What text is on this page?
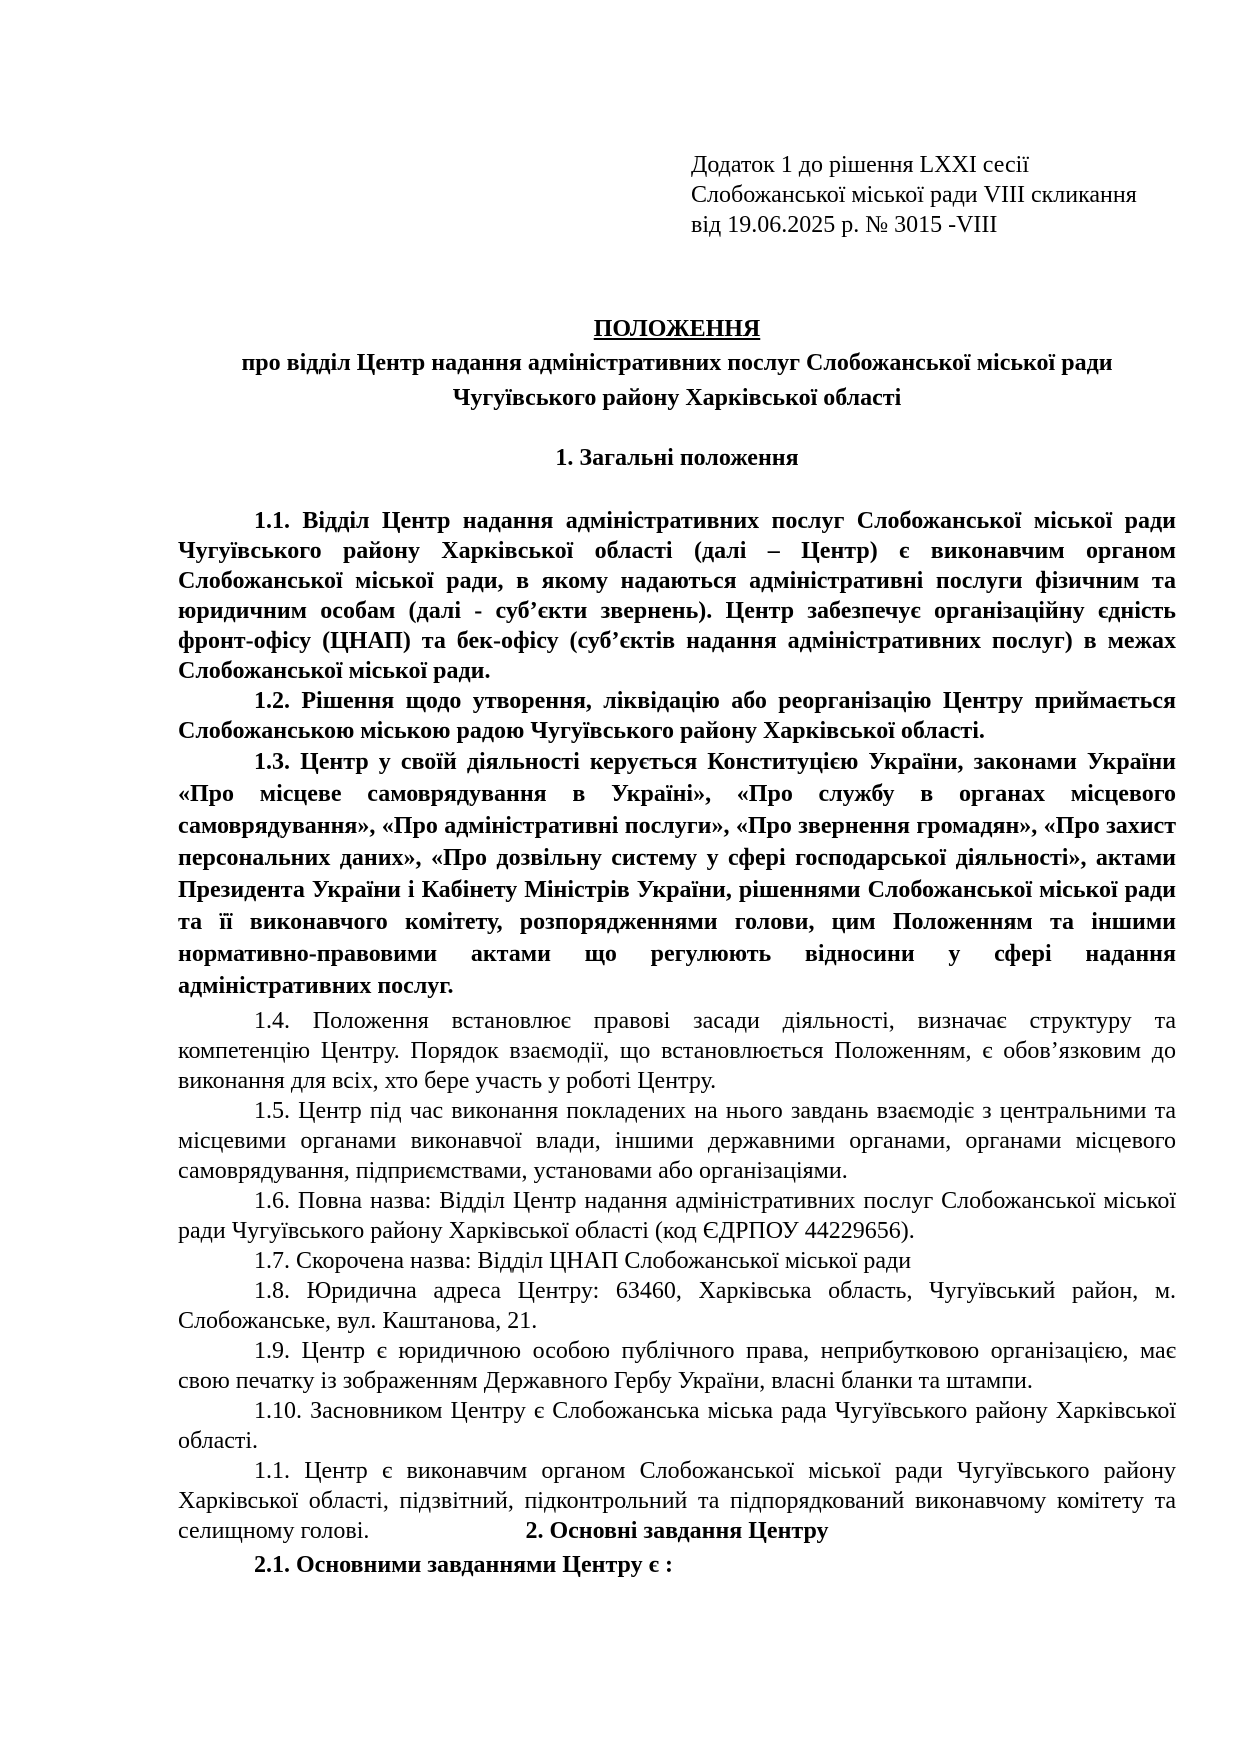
Додаток 1 до рішення LXXI сесії
Слобожанської міської ради VIII скликання
від 19.06.2025 р. № 3015 -VIII
ПОЛОЖЕННЯ
про відділ Центр надання адміністративних послуг Слобожанської міської ради
Чугуївського району Харківської області
1. Загальні положення

1.1. Відділ Центр надання адміністративних послуг Слобожанської міської ради Чугуївського району Харківської області (далі – Центр) є виконавчим органом Слобожанської міської ради, в якому надаються адміністративні послуги фізичним та юридичним особам (далі - суб’єкти звернень). Центр забезпечує організаційну єдність фронт-офісу (ЦНАП) та бек-офісу (суб’єктів надання адміністративних послуг) в межах Слобожанської міської ради.

1.2. Рішення щодо утворення, ліквідацію або реорганізацію Центру приймається Слобожанською міською радою Чугуївського району Харківської області.

1.3. Центр у своїй діяльності керується Конституцією України, законами України «Про місцеве самоврядування в Україні», «Про службу в органах місцевого самоврядування», «Про адміністративні послуги», «Про звернення громадян», «Про захист персональних даних», «Про дозвільну систему у сфері господарської діяльності», актами Президента України і Кабінету Міністрів України, рішеннями Слобожанської міської ради та її виконавчого комітету, розпорядженнями голови, цим Положенням та іншими нормативно-правовими актами що регулюють відносини у сфері надання адміністративних послуг.

1.4. Положення встановлює правові засади діяльності, визначає структуру та компетенцію Центру. Порядок взаємодії, що встановлюється Положенням, є обов’язковим до виконання для всіх, хто бере участь у роботі Центру.

1.5. Центр під час виконання покладених на нього завдань взаємодіє з центральними та місцевими органами виконавчої влади, іншими державними органами, органами місцевого самоврядування, підприємствами, установами або організаціями.

1.6. Повна назва: Відділ Центр надання адміністративних послуг Слобожанської міської ради Чугуївського району Харківської області (код ЄДРПОУ 44229656).

1.7. Скорочена назва: Відділ ЦНАП Слобожанської міської ради

1.8. Юридична адреса Центру: 63460, Харківська область, Чугуївський район, м. Слобожанське, вул. Каштанова, 21.

1.9. Центр є юридичною особою публічного права, неприбутковою організацією, має свою печатку із зображенням Державного Гербу України, власні бланки та штампи.

1.10. Засновником Центру є Слобожанська міська рада Чугуївського району Харківської області.

1.1. Центр є виконавчим органом Слобожанської міської ради Чугуївського району Харківської області, підзвітний, підконтрольний та підпорядкований виконавчому комітету та селищному голові.	2. Основні завдання Центру
2.1. Основними завданнями Центру є :
